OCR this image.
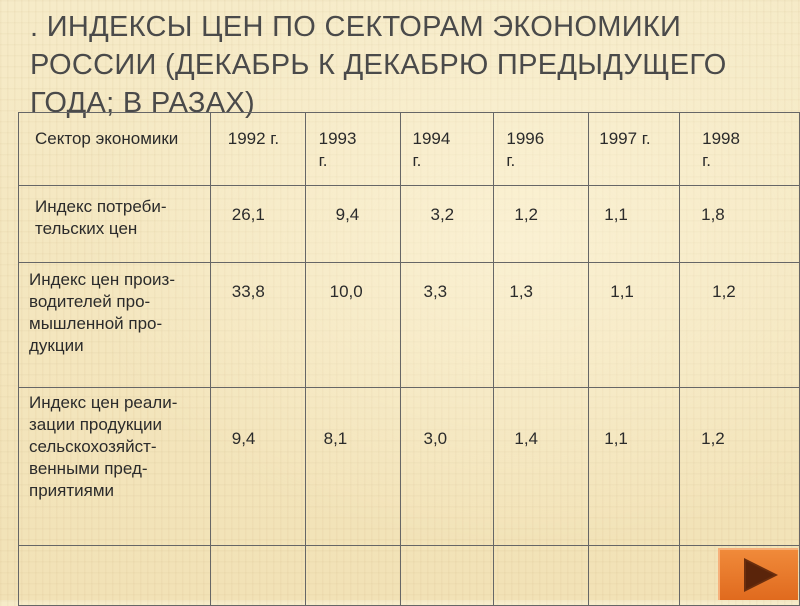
. ИНДЕКСЫ ЦЕН ПО СЕКТОРАМ ЭКОНОМИКИ РОССИИ (ДЕКАБРЬ К ДЕКАБРЮ ПРЕДЫДУЩЕГО ГОДА; В РАЗАХ)
Сектор экономики	1992 г.	1993 г.	1994 г.	1996 г.	1997 г.	1998 г.

Индекс потреби-тельских цен	26,1	9,4	3,2	1,2	1,1	1,8

Индекс цен произ-водителей про-мышленной про-дукции	33,8	10,0	3,3	1,3	1,1	1,2

Индекс цен реали-зации продукции сельскохозяйст-венными пред-приятиями	9,4	8,1	3,0	1,4	1,1	1,2
